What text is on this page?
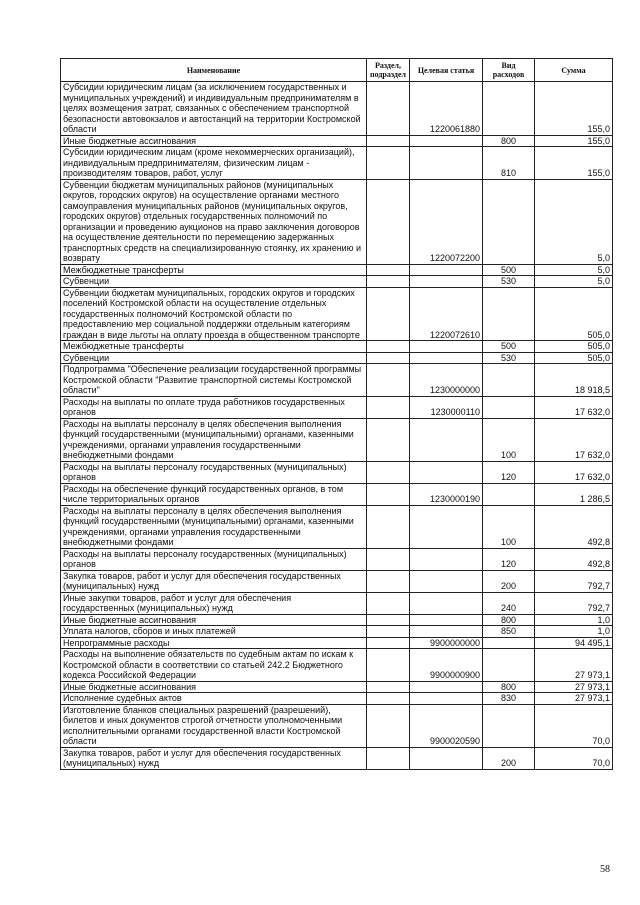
Наименование	Раздел, подраздел	Целевая статья	Вид расходов	Сумма
Субсидии юридическим лицам (за исключением государственных и муниципальных учреждений) и индивидуальным предпринимателям в целях возмещения затрат, связанных с обеспечением транспортной безопасности автовокзалов и автостанций на территории Костромской области		1220061880		155,0
Иные бюджетные ассигнования			800	155,0
Субсидии юридическим лицам (кроме некоммерческих организаций), индивидуальным предпринимателям, физическим лицам - производителям товаров, работ, услуг			810	155,0
Субвенции бюджетам муниципальных районов (муниципальных округов, городских округов) на осуществление органами местного самоуправления муниципальных районов (муниципальных округов, городских округов) отдельных государственных полномочий по организации и проведению аукционов на право заключения договоров на осуществление деятельности по перемещению задержанных транспортных средств на специализированную стоянку, их хранению и возврату		1220072200		5,0
Межбюджетные трансферты			500	5,0
Субвенции			530	5,0
Субвенции бюджетам муниципальных, городских округов и городских поселений Костромской области на осуществление отдельных государственных полномочий Костромской области по предоставлению мер социальной поддержки отдельным категориям граждан в виде льготы на оплату проезда в общественном транспорте		1220072610		505,0
Межбюджетные трансферты			500	505,0
Субвенции			530	505,0
Подпрограмма "Обеспечение реализации государственной программы Костромской области "Развитие транспортной системы Костромской области"		1230000000		18 918,5
Расходы на выплаты по оплате труда работников государственных органов		1230000110		17 632,0
Расходы на выплаты персоналу в целях обеспечения выполнения функций государственными (муниципальными) органами, казенными учреждениями, органами управления государственными внебюджетными фондами			100	17 632,0
Расходы на выплаты персоналу государственных (муниципальных) органов			120	17 632,0
Расходы на обеспечение функций государственных органов, в том числе территориальных органов		1230000190		1 286,5
Расходы на выплаты персоналу в целях обеспечения выполнения функций государственными (муниципальными) органами, казенными учреждениями, органами управления государственными внебюджетными фондами			100	492,8
Расходы на выплаты персоналу государственных (муниципальных) органов			120	492,8
Закупка товаров, работ и услуг для обеспечения государственных (муниципальных) нужд			200	792,7
Иные закупки товаров, работ и услуг для обеспечения государственных (муниципальных) нужд			240	792,7
Иные бюджетные ассигнования			800	1,0
Уплата налогов, сборов и иных платежей			850	1,0
Непрограммные расходы		9900000000		94 495,1
Расходы на выполнение обязательств по судебным актам по искам к Костромской области в соответствии со статьей 242.2 Бюджетного кодекса Российской Федерации		9900000900		27 973,1
Иные бюджетные ассигнования			800	27 973,1
Исполнение судебных актов			830	27 973,1
Изготовление бланков специальных разрешений (разрешений), билетов и иных документов строгой отчетности уполномоченными исполнительными органами государственной власти Костромской области		9900020590		70,0
Закупка товаров, работ и услуг для обеспечения государственных (муниципальных) нужд			200	70,0
58
